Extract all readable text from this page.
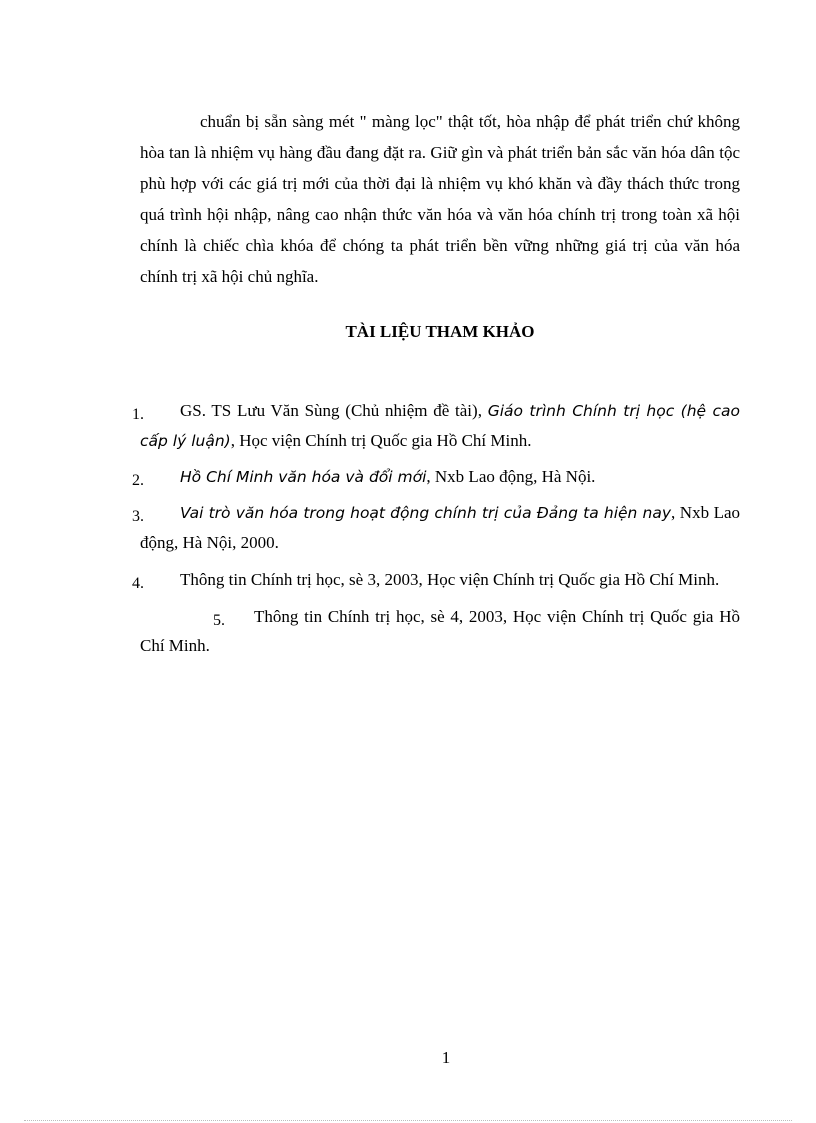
chuẩn bị sẵn sàng mét " màng lọc" thật tốt, hòa nhập để phát triển chứ không hòa tan là nhiệm vụ hàng đầu đang đặt ra. Giữ gìn và phát triển bản sắc văn hóa dân tộc phù hợp với các giá trị mới của thời đại là nhiệm vụ khó khăn và đầy thách thức trong quá trình hội nhập, nâng cao nhận thức văn hóa và văn hóa chính trị trong toàn xã hội chính là chiếc chìa khóa để chóng ta phát triển bền vững những giá trị của văn hóa chính trị xã hội chủ nghĩa.

TÀI LIỆU THAM KHẢO

1.	GS. TS Lưu Văn Sùng (Chủ nhiệm đề tài), Giáo trình Chính trị học (hệ cao cấp lý luận), Học viện Chính trị Quốc gia Hồ Chí Minh.
2.	Hồ Chí Minh văn hóa và đổi mới, Nxb Lao động, Hà Nội.
3.	Vai trò văn hóa trong hoạt động chính trị của Đảng ta hiện nay, Nxb Lao động, Hà Nội, 2000.
4.	Thông tin Chính trị học, sè 3, 2003, Học viện Chính trị Quốc gia Hồ Chí Minh.
5.	Thông tin Chính trị học, sè 4, 2003, Học viện Chính trị Quốc gia Hồ Chí Minh.

1
